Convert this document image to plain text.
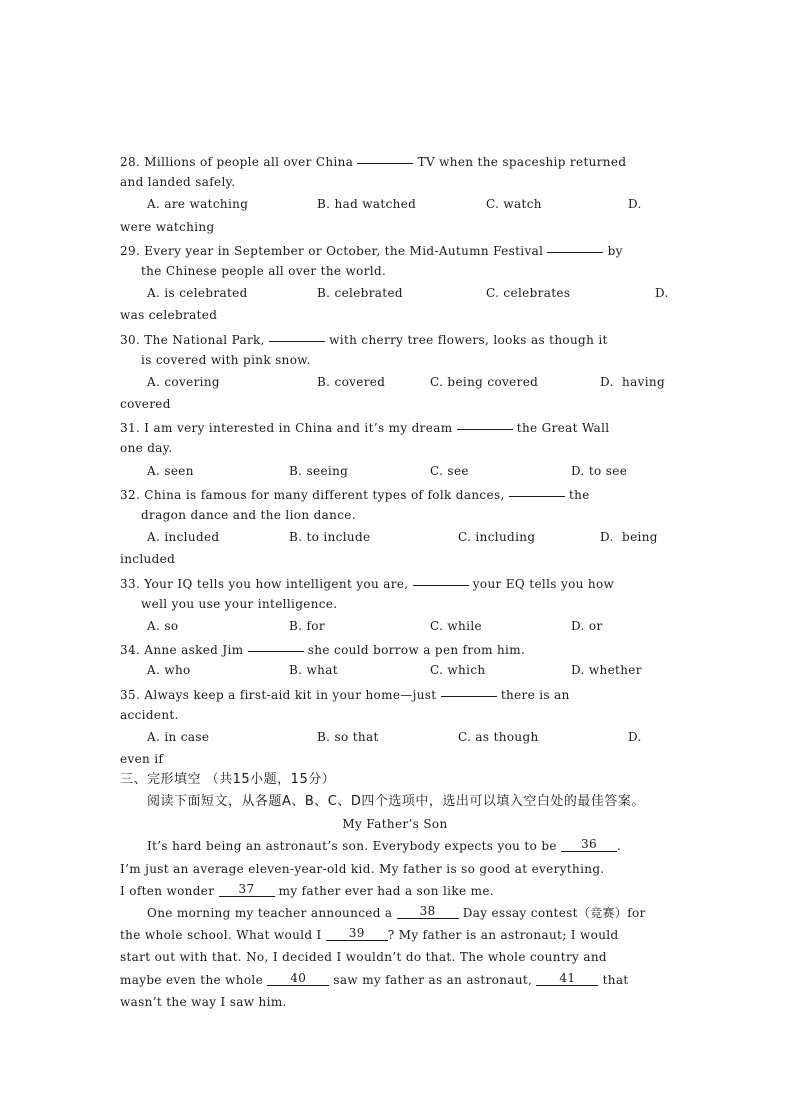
28. Millions of people all over China	TV when the spaceship returned
and landed safely.

A. are watching

	B. had watched

	C. watch

	D.

were watching
29. Every year in September or October, the Mid-Autumn Festival	by
the Chinese people all over the world.

A. is celebrated

	B. celebrated

	C. celebrates

	D.

was celebrated
30. The National Park,	with cherry tree flowers, looks as though it
is covered with pink snow.

A. covering

	B. covered

	C. being covered

	D.  having

covered
31. I am very interested in China and it’s my dream	the Great Wall
one day.

A. seen

	B. seeing

	C. see

	D. to see

32. China is famous for many different types of folk dances,	the
dragon dance and the lion dance.

A. included

	B. to include

	C. including

	D.  being

included
33. Your IQ tells you how intelligent you are,	your EQ tells you how
well you use your intelligence.

A. so

	B. for

	C. while

	D. or

34. Anne asked Jim	she could borrow a pen from him.

A. who

	B. what

	C. which

	D. whether

35. Always keep a first-aid kit in your home—just	there is an
accident.

A. in case

	B. so that

	C. as though

	D.

even if
三、完形填空 （共15小题，15分）
阅读下面短文，从各题A、B、C、D四个选项中，选出可以填入空白处的最佳答案。
My Father’s Son
It’s hard being an astronaut’s son. Everybody expects you to be 36 .
I’m just an average eleven-year-old kid. My father is so good at everything.
I often wonder 37 my father ever had a son like me.
One morning my teacher announced a 38 Day essay contest（竞赛）for
the whole school. What would I 39 ? My father is an astronaut; I would
start out with that. No, I decided I wouldn’t do that. The whole country and
maybe even the whole 40 saw my father as an astronaut, 41 that
wasn’t the way I saw him.
